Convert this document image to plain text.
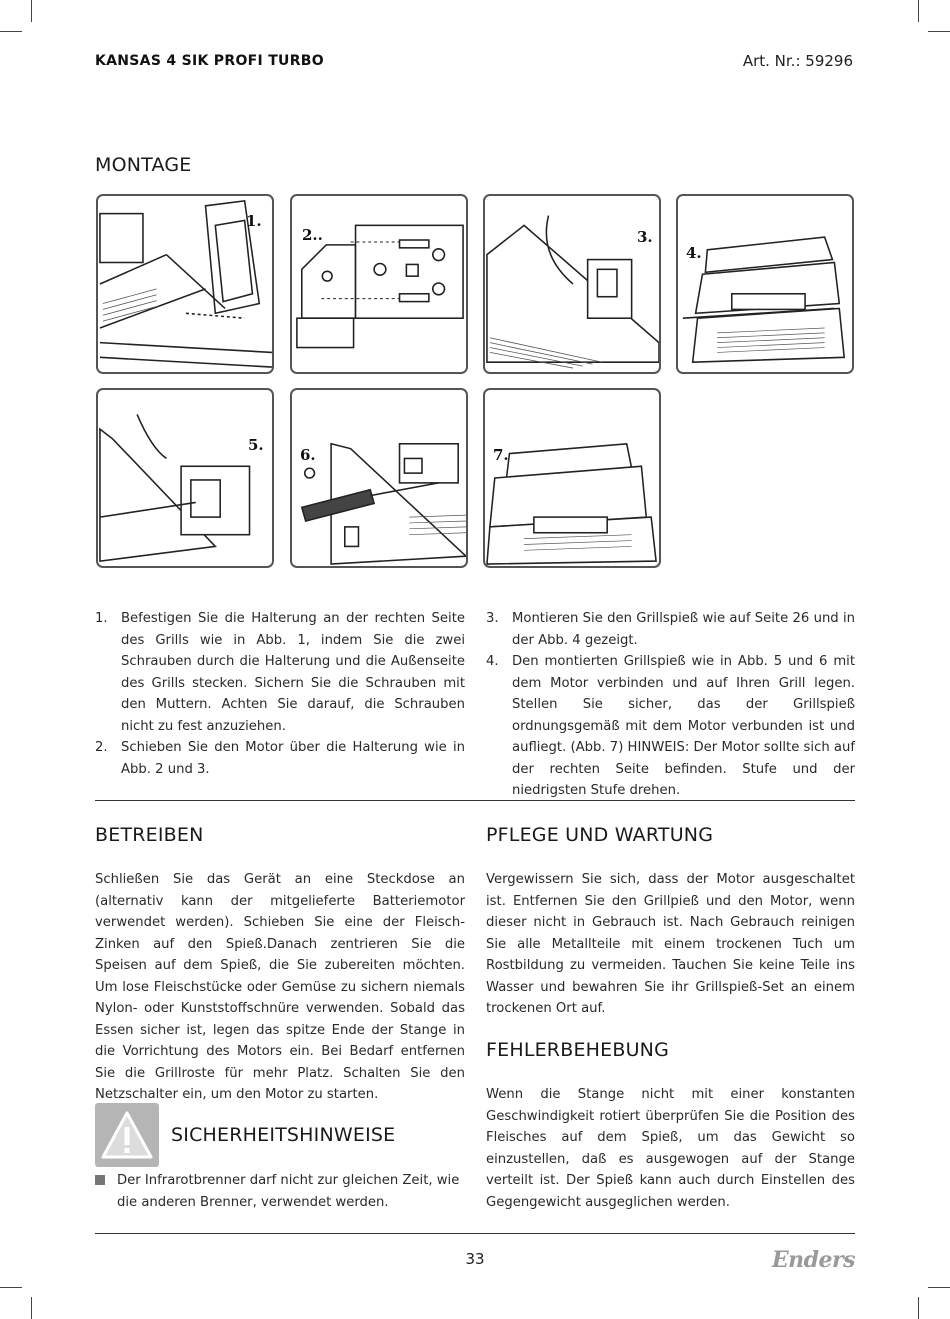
KANSAS 4 SIK PROFI TURBO	Art. Nr.: 59296
MONTAGE
1.
2..	3.
4.
5.
6.	7.
1. Befestigen Sie die Halterung an der rechten Seite des Grills wie in Abb. 1, indem Sie die zwei Schrauben durch die Halterung und die Außenseite des Grills stecken. Sichern Sie die Schrauben mit den Muttern. Achten Sie darauf, die Schrauben nicht zu fest anzuziehen.
2. Schieben Sie den Motor über die Halterung wie in Abb. 2 und 3.
3. Montieren Sie den Grillspieß wie auf Seite 26 und in der Abb. 4 gezeigt.
4. Den montierten Grillspieß wie in Abb. 5 und 6 mit dem Motor verbinden und auf Ihren Grill legen. Stellen Sie sicher, das der Grillspieß ordnungsgemäß mit dem Motor verbunden ist und aufliegt. (Abb. 7) HINWEIS: Der Motor sollte sich auf der rechten Seite befinden. Stufe und der niedrigsten Stufe drehen.
BETREIBEN

Schließen Sie das Gerät an eine Steckdose an (alternativ kann der mitgelieferte Batteriemotor verwendet werden). Schieben Sie eine der Fleisch-Zinken auf den Spieß.Danach zentrieren Sie die Speisen auf dem Spieß, die Sie zubereiten möchten. Um lose Fleischstücke oder Gemüse zu sichern niemals Nylon- oder Kunststoffschnüre verwenden. Sobald das Essen sicher ist, legen das spitze Ende der Stange in die Vorrichtung des Motors ein. Bei Bedarf entfernen Sie die Grillroste für mehr Platz. Schalten Sie den Netzschalter ein, um den Motor zu starten.

SICHERHEITSHINWEISE
Der Infrarotbrenner darf nicht zur gleichen Zeit, wie die anderen Brenner, verwendet werden.
PFLEGE UND WARTUNG

Vergewissern Sie sich, dass der Motor ausgeschaltet ist. Entfernen Sie den Grillpieß und den Motor, wenn dieser nicht in Gebrauch ist. Nach Gebrauch reinigen Sie alle Metallteile mit einem trockenen Tuch um Rostbildung zu vermeiden. Tauchen Sie keine Teile ins Wasser und bewahren Sie ihr Grillspieß-Set an einem trockenen Ort auf.

FEHLERBEHEBUNG

Wenn die Stange nicht mit einer konstanten Geschwindigkeit rotiert überprüfen Sie die Position des Fleisches auf dem Spieß, um das Gewicht so einzustellen, daß es ausgewogen auf der Stange verteilt ist. Der Spieß kann auch durch Einstellen des Gegengewicht ausgeglichen werden.

33	Enders
